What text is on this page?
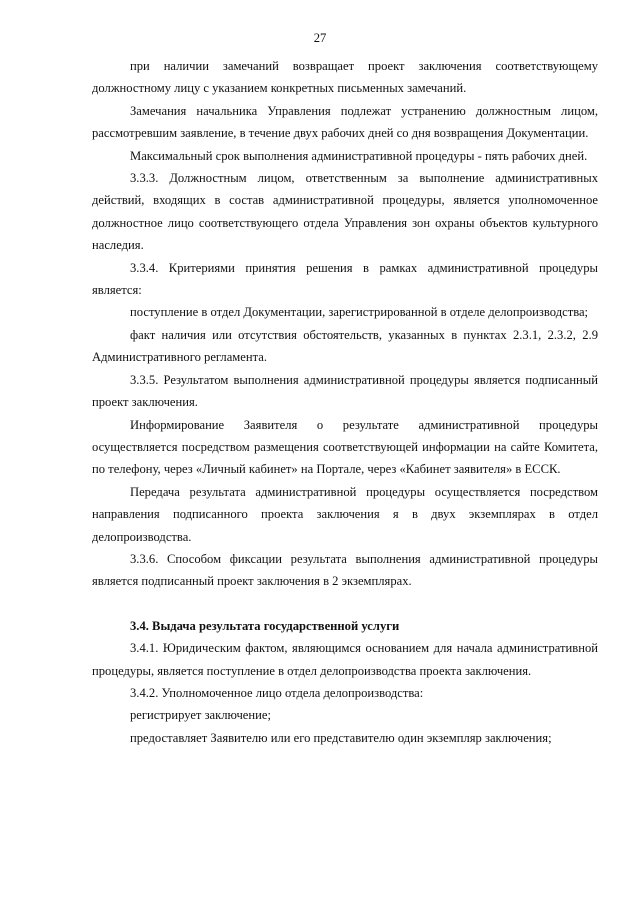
27

при наличии замечаний возвращает проект заключения соответствующему должностному лицу с указанием конкретных письменных замечаний.

Замечания начальника Управления подлежат устранению должностным лицом, рассмотревшим заявление, в течение двух рабочих дней со дня возвращения Документации.

Максимальный срок выполнения административной процедуры - пять рабочих дней.

3.3.3. Должностным лицом, ответственным за выполнение административных действий, входящих в состав административной процедуры, является уполномоченное должностное лицо соответствующего отдела Управления зон охраны объектов культурного наследия.

3.3.4. Критериями принятия решения в рамках административной процедуры является:

поступление в отдел Документации, зарегистрированной в отделе делопроизводства;

факт наличия или отсутствия обстоятельств, указанных в пунктах 2.3.1, 2.3.2, 2.9 Административного регламента.

3.3.5. Результатом выполнения административной процедуры является подписанный проект заключения.

Информирование Заявителя о результате административной процедуры осуществляется посредством размещения соответствующей информации на сайте Комитета, по телефону, через «Личный кабинет» на Портале, через «Кабинет заявителя» в ЕССК.

Передача результата административной процедуры осуществляется посредством направления подписанного проекта заключения я в двух экземплярах в отдел делопроизводства.

3.3.6. Способом фиксации результата выполнения административной процедуры является подписанный проект заключения в 2 экземплярах.

3.4. Выдача результата государственной услуги

3.4.1. Юридическим фактом, являющимся основанием для начала административной процедуры, является поступление в отдел делопроизводства проекта заключения.

3.4.2. Уполномоченное лицо отдела делопроизводства:

регистрирует заключение;

предоставляет Заявителю или его представителю один экземпляр заключения;
